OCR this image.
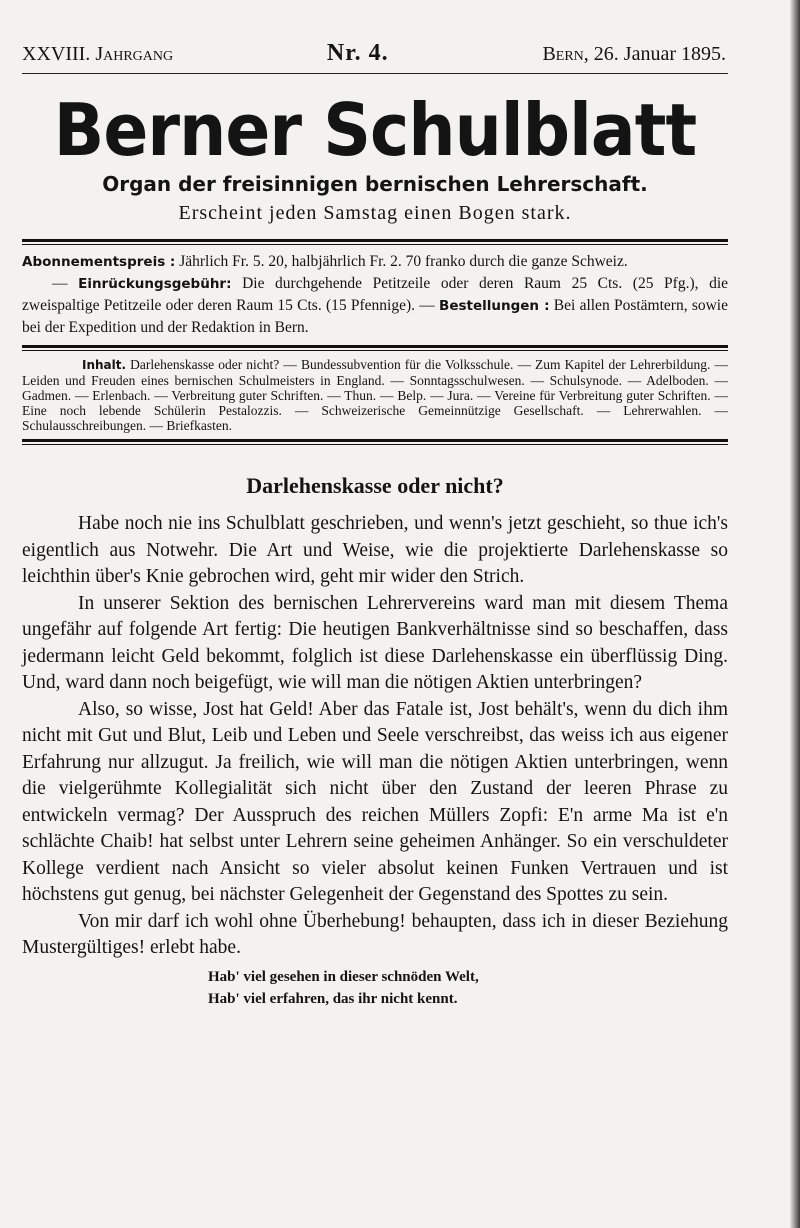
XXVIII. Jahrgang	Nr. 4.	Bern, 26. Januar 1895.
Berner Schulblatt
Organ der freisinnigen bernischen Lehrerschaft.
Erscheint jeden Samstag einen Bogen stark.
Abonnementspreis : Jährlich Fr. 5. 20, halbjährlich Fr. 2. 70 franko durch die ganze Schweiz.
— Einrückungsgebühr: Die durchgehende Petitzeile oder deren Raum 25 Cts. (25 Pfg.), die zweispaltige Petitzeile oder deren Raum 15 Cts. (15 Pfennige). — Bestellungen : Bei allen Postämtern, sowie bei der Expedition und der Redaktion in Bern.
Inhalt. Darlehenskasse oder nicht? — Bundessubvention für die Volksschule. — Zum Kapitel der Lehrerbildung. — Leiden und Freuden eines bernischen Schulmeisters in England. — Sonntagsschulwesen. — Schulsynode. — Adelboden. — Gadmen. — Erlenbach. — Verbreitung guter Schriften. — Thun. — Belp. — Jura. — Vereine für Verbreitung guter Schriften. — Eine noch lebende Schülerin Pestalozzis. — Schweizerische Gemeinnützige Gesellschaft. — Lehrerwahlen. — Schulausschreibungen. — Briefkasten.
Darlehenskasse oder nicht?

Habe noch nie ins Schulblatt geschrieben, und wenn's jetzt geschieht, so thue ich's eigentlich aus Notwehr. Die Art und Weise, wie die projektierte Darlehenskasse so leichthin über's Knie gebrochen wird, geht mir wider den Strich.

In unserer Sektion des bernischen Lehrervereins ward man mit diesem Thema ungefähr auf folgende Art fertig: Die heutigen Bankverhältnisse sind so beschaffen, dass jedermann leicht Geld bekommt, folglich ist diese Darlehenskasse ein überflüssig Ding. Und, ward dann noch beigefügt, wie will man die nötigen Aktien unterbringen?

Also, so wisse, Jost hat Geld! Aber das Fatale ist, Jost behält's, wenn du dich ihm nicht mit Gut und Blut, Leib und Leben und Seele verschreibst, das weiss ich aus eigener Erfahrung nur allzugut. Ja freilich, wie will man die nötigen Aktien unterbringen, wenn die vielgerühmte Kollegialität sich nicht über den Zustand der leeren Phrase zu entwickeln vermag? Der Ausspruch des reichen Müllers Zopfi: E'n arme Ma ist e'n schlächte Chaib! hat selbst unter Lehrern seine geheimen Anhänger. So ein verschuldeter Kollege verdient nach Ansicht so vieler absolut keinen Funken Vertrauen und ist höchstens gut genug, bei nächster Gelegenheit der Gegenstand des Spottes zu sein.

Von mir darf ich wohl ohne Überhebung! behaupten, dass ich in dieser Beziehung Mustergültiges! erlebt habe.

Hab' viel gesehen in dieser schnöden Welt,
Hab' viel erfahren, das ihr nicht kennt.
